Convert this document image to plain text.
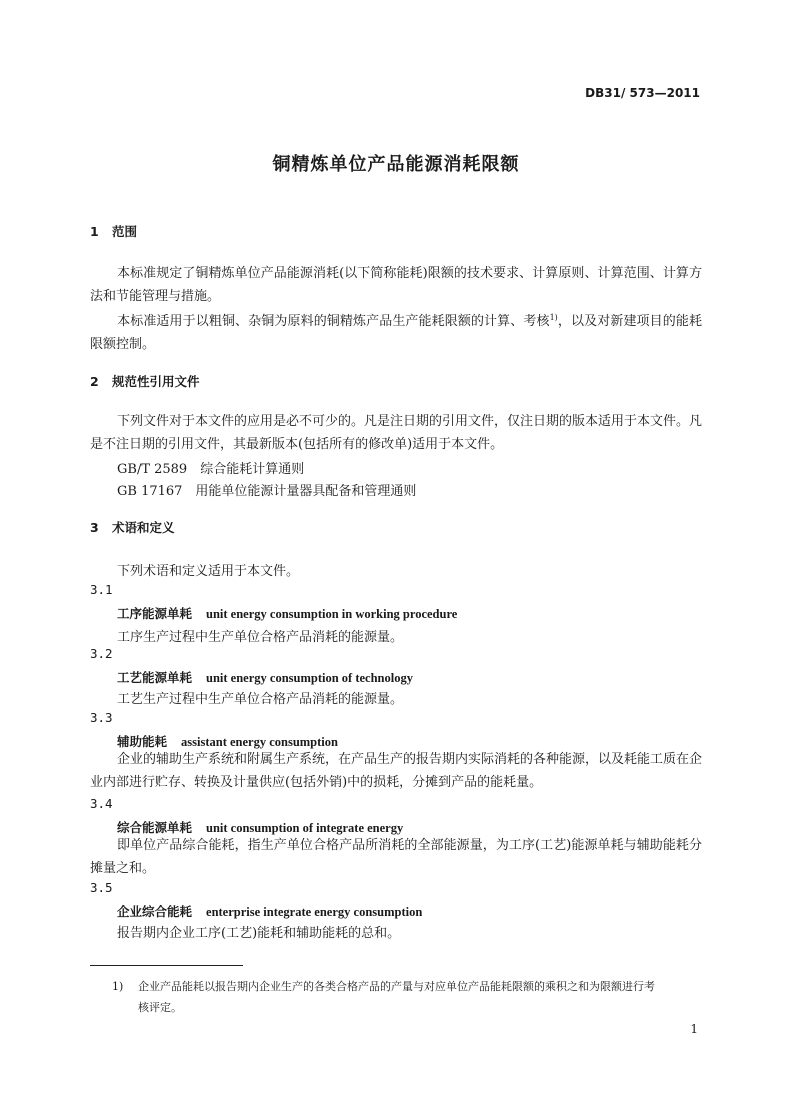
DB31/ 573—2011
铜精炼单位产品能源消耗限额
1 范围
本标准规定了铜精炼单位产品能源消耗(以下简称能耗)限额的技术要求、计算原则、计算范围、计算方法和节能管理与措施。
本标准适用于以粗铜、杂铜为原料的铜精炼产品生产能耗限额的计算、考核$^{1)}$，以及对新建项目的能耗限额控制。
2 规范性引用文件
下列文件对于本文件的应用是必不可少的。凡是注日期的引用文件，仅注日期的版本适用于本文件。凡是不注日期的引用文件，其最新版本(包括所有的修改单)适用于本文件。
GB/T 2589　综合能耗计算通则
GB 17167　用能单位能源计量器具配备和管理通则
3 术语和定义
下列术语和定义适用于本文件。
3.1
工序能源单耗 unit energy consumption in working procedure
工序生产过程中生产单位合格产品消耗的能源量。
3.2
工艺能源单耗 unit energy consumption of technology
工艺生产过程中生产单位合格产品消耗的能源量。
3.3
辅助能耗 assistant energy consumption
企业的辅助生产系统和附属生产系统，在产品生产的报告期内实际消耗的各种能源，以及耗能工质在企业内部进行贮存、转换及计量供应(包括外销)中的损耗，分摊到产品的能耗量。
3.4
综合能源单耗 unit consumption of integrate energy
即单位产品综合能耗，指生产单位合格产品所消耗的全部能源量，为工序(工艺)能源单耗与辅助能耗分摊量之和。
3.5
企业综合能耗 enterprise integrate energy consumption
报告期内企业工序(工艺)能耗和辅助能耗的总和。
1) 企业产品能耗以报告期内企业生产的各类合格产品的产量与对应单位产品能耗限额的乘积之和为限额进行考
核评定。
1
